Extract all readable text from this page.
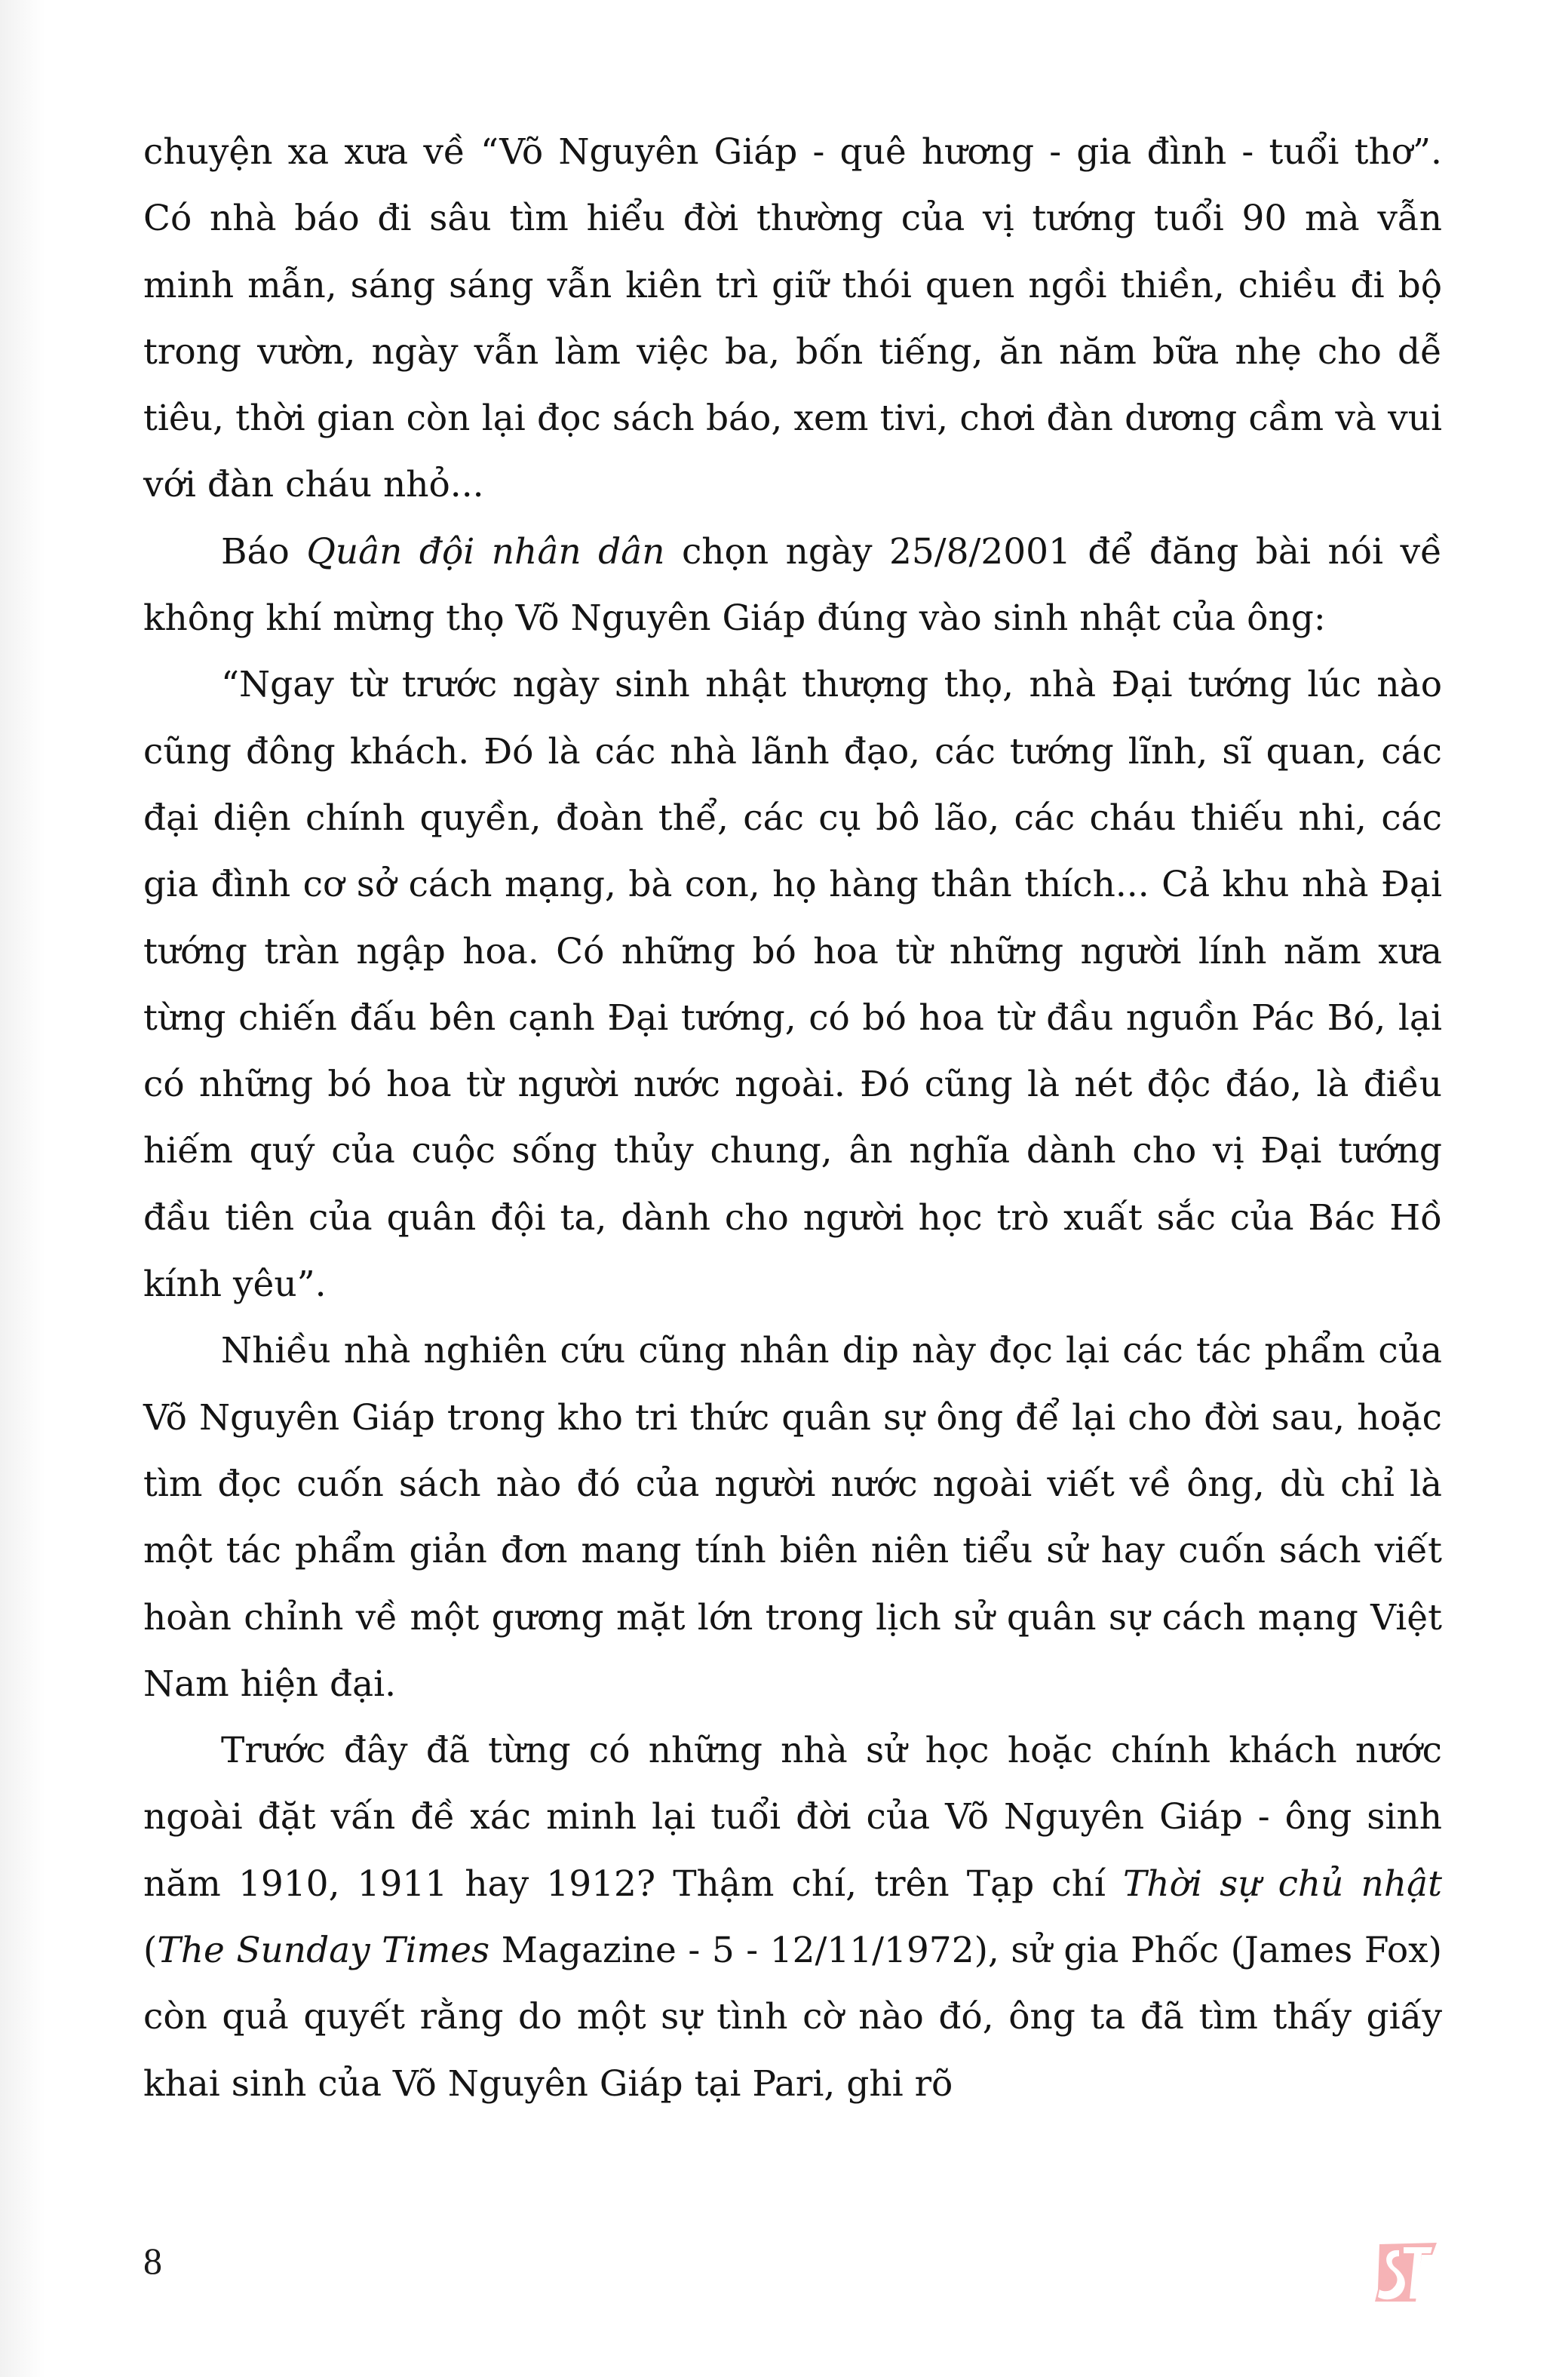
chuyện xa xưa về “Võ Nguyên Giáp - quê hương - gia đình - tuổi thơ”. Có nhà báo đi sâu tìm hiểu đời thường của vị tướng tuổi 90 mà vẫn minh mẫn, sáng sáng vẫn kiên trì giữ thói quen ngồi thiền, chiều đi bộ trong vườn, ngày vẫn làm việc ba, bốn tiếng, ăn năm bữa nhẹ cho dễ tiêu, thời gian còn lại đọc sách báo, xem tivi, chơi đàn dương cầm và vui với đàn cháu nhỏ...

Báo Quân đội nhân dân chọn ngày 25/8/2001 để đăng bài nói về không khí mừng thọ Võ Nguyên Giáp đúng vào sinh nhật của ông:

“Ngay từ trước ngày sinh nhật thượng thọ, nhà Đại tướng lúc nào cũng đông khách. Đó là các nhà lãnh đạo, các tướng lĩnh, sĩ quan, các đại diện chính quyền, đoàn thể, các cụ bô lão, các cháu thiếu nhi, các gia đình cơ sở cách mạng, bà con, họ hàng thân thích... Cả khu nhà Đại tướng tràn ngập hoa. Có những bó hoa từ những người lính năm xưa từng chiến đấu bên cạnh Đại tướng, có bó hoa từ đầu nguồn Pác Bó, lại có những bó hoa từ người nước ngoài. Đó cũng là nét độc đáo, là điều hiếm quý của cuộc sống thủy chung, ân nghĩa dành cho vị Đại tướng đầu tiên của quân đội ta, dành cho người học trò xuất sắc của Bác Hồ kính yêu”.

Nhiều nhà nghiên cứu cũng nhân dip này đọc lại các tác phẩm của Võ Nguyên Giáp trong kho tri thức quân sự ông để lại cho đời sau, hoặc tìm đọc cuốn sách nào đó của người nước ngoài viết về ông, dù chỉ là một tác phẩm giản đơn mang tính biên niên tiểu sử hay cuốn sách viết hoàn chỉnh về một gương mặt lớn trong lịch sử quân sự cách mạng Việt Nam hiện đại.

Trước đây đã từng có những nhà sử học hoặc chính khách nước ngoài đặt vấn đề xác minh lại tuổi đời của Võ Nguyên Giáp - ông sinh năm 1910, 1911 hay 1912? Thậm chí, trên Tạp chí Thời sự chủ nhật (The Sunday Times Magazine - 5 - 12/11/1972), sử gia Phốc (James Fox) còn quả quyết rằng do một sự tình cờ nào đó, ông ta đã tìm thấy giấy khai sinh của Võ Nguyên Giáp tại Pari, ghi rõ

8
